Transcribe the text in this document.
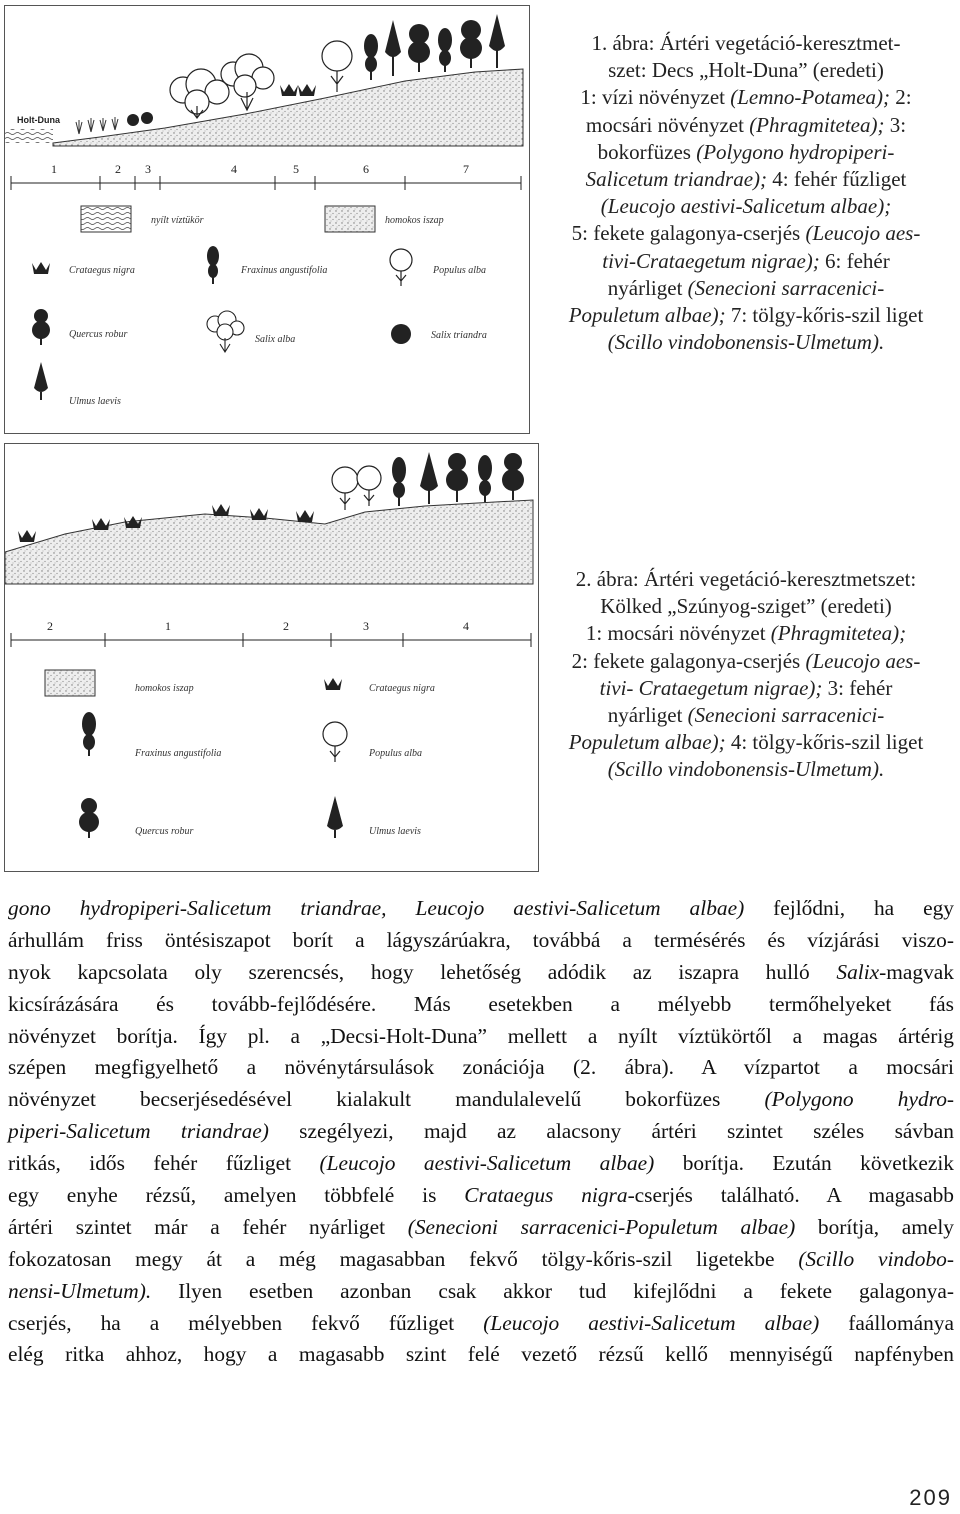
Holt-Duna
1	2 3	4	5	6	7
nyílt víztükör	homokos iszap
Crataegus nigra	Fraxinus angustifolia	Populus alba
Quercus robur	Salix alba	Salix triandra
Ulmus laevis
1. ábra: Ártéri vegetáció-keresztmet-
szet: Decs „Holt-Duna” (eredeti)
1: vízi növényzet (Lemno-Potamea); 2:
mocsári növényzet (Phragmitetea); 3:
bokorfüzes (Polygono hydropiperi-
Salicetum triandrae); 4: fehér fűzliget
(Leucojo aestivi-Salicetum albae);
5: fekete galagonya-cserjés (Leucojo aes-
tivi-Crataegetum nigrae); 6: fehér
nyárliget (Senecioni sarracenici-
Populetum albae); 7: tölgy-kőris-szil liget
(Scillo vindobonensis-Ulmetum).
2	1	2	3	4
homokos iszap	Crataegus nigra
Fraxinus angustifolia	Populus alba
Quercus robur	Ulmus laevis
2. ábra: Ártéri vegetáció-keresztmetszet:
Kölked „Szúnyog-sziget” (eredeti)
1: mocsári növényzet (Phragmitetea);
2: fekete galagonya-cserjés (Leucojo aes-
tivi- Crataegetum nigrae); 3: fehér
nyárliget (Senecioni sarracenici-
Populetum albae); 4: tölgy-kőris-szil liget
(Scillo vindobonensis-Ulmetum).
gono hydropiperi-Salicetum triandrae, Leucojo aestivi-Salicetum albae) fejlődni, ha egy
árhullám friss öntésiszapot borít a lágyszárúakra, továbbá a termésérés és vízjárási viszo-
nyok kapcsolata oly szerencsés, hogy lehetőség adódik az iszapra hulló Salix-magvak
kicsírázására és tovább-fejlődésére. Más esetekben a mélyebb termőhelyeket fás
növényzet borítja. Így pl. a „Decsi-Holt-Duna” mellett a nyílt víztükörtől a magas ártérig
szépen megfigyelhető a növénytársulások zonációja (2. ábra). A vízpartot a mocsári
növényzet becserjésedésével kialakult mandulalevelű bokorfüzes (Polygono hydro-
piperi-Salicetum triandrae) szegélyezi, majd az alacsony ártéri szintet széles sávban
ritkás, idős fehér fűzliget (Leucojo aestivi-Salicetum albae) borítja. Ezután következik
egy enyhe rézsű, amelyen többfelé is Crataegus nigra-cserjés található. A magasabb
ártéri szintet már a fehér nyárliget (Senecioni sarracenici-Populetum albae) borítja, amely
fokozatosan megy át a még magasabban fekvő tölgy-kőris-szil ligetekbe (Scillo vindobo-
nensi-Ulmetum). Ilyen esetben azonban csak akkor tud kifejlődni a fekete galagonya-
cserjés, ha a mélyebben fekvő fűzliget (Leucojo aestivi-Salicetum albae) faállománya
elég ritka ahhoz, hogy a magasabb szint felé vezető rézsű kellő mennyiségű napfényben
209
